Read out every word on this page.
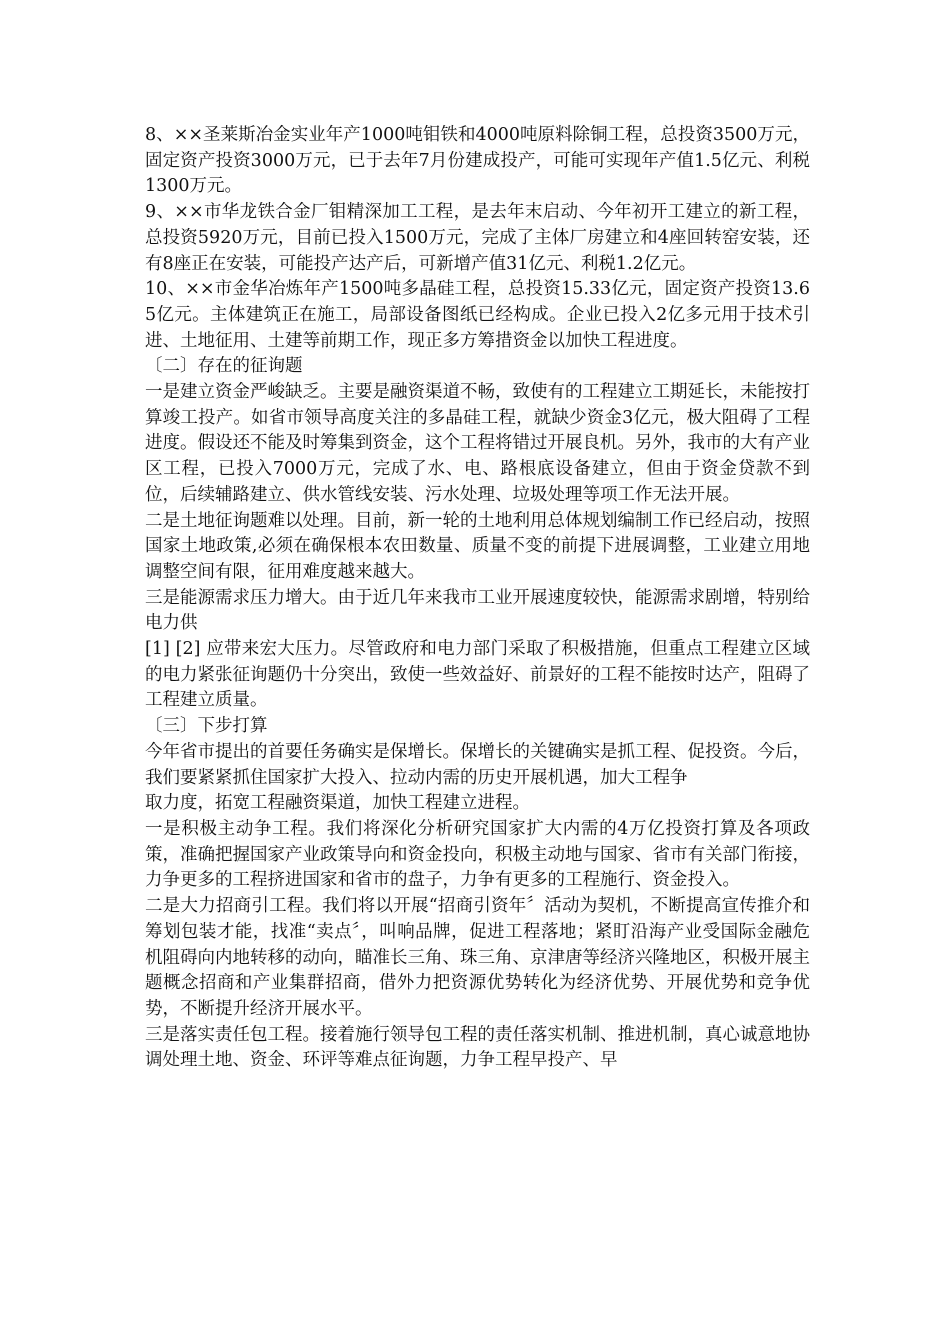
8、××圣莱斯冶金实业年产1000吨钼铁和4000吨原料除铜工程，总投资3500万元，固定资产投资3000万元，已于去年7月份建成投产，可能可实现年产值1.5亿元、利税1300万元。

9、××市华龙铁合金厂钼精深加工工程，是去年末启动、今年初开工建立的新工程，总投资5920万元，目前已投入1500万元，完成了主体厂房建立和4座回转窑安装，还有8座正在安装，可能投产达产后，可新增产值31亿元、利税1.2亿元。

10、××市金华冶炼年产1500吨多晶硅工程，总投资15.33亿元，固定资产投资13.65亿元。主体建筑正在施工，局部设备图纸已经构成。企业已投入2亿多元用于技术引进、土地征用、土建等前期工作，现正多方筹措资金以加快工程进度。

〔二〕存在的征询题

一是建立资金严峻缺乏。主要是融资渠道不畅，致使有的工程建立工期延长，未能按打算竣工投产。如省市领导高度关注的多晶硅工程，就缺少资金3亿元，极大阻碍了工程进度。假设还不能及时筹集到资金，这个工程将错过开展良机。另外，我市的大有产业区工程，已投入7000万元，完成了水、电、路根底设备建立，但由于资金贷款不到位，后续辅路建立、供水管线安装、污水处理、垃圾处理等项工作无法开展。

二是土地征询题难以处理。目前，新一轮的土地利用总体规划编制工作已经启动，按照国家土地政策,必须在确保根本农田数量、质量不变的前提下进展调整，工业建立用地调整空间有限，征用难度越来越大。

三是能源需求压力增大。由于近几年来我市工业开展速度较快，能源需求剧增，特别给电力供

[1] [2] 应带来宏大压力。尽管政府和电力部门采取了积极措施，但重点工程建立区域的电力紧张征询题仍十分突出，致使一些效益好、前景好的工程不能按时达产，阻碍了工程建立质量。

〔三〕下步打算

今年省市提出的首要任务确实是保增长。保增长的关键确实是抓工程、促投资。今后，我们要紧紧抓住国家扩大投入、拉动内需的历史开展机遇，加大工程争

取力度，拓宽工程融资渠道，加快工程建立进程。

一是积极主动争工程。我们将深化分析研究国家扩大内需的4万亿投资打算及各项政策，准确把握国家产业政策导向和资金投向，积极主动地与国家、省市有关部门衔接，力争更多的工程挤进国家和省市的盘子，力争有更多的工程施行、资金投入。

二是大力招商引工程。我们将以开展“招商引资年〞活动为契机，不断提高宣传推介和筹划包装才能，找准“卖点〞，叫响品牌，促进工程落地；紧盯沿海产业受国际金融危机阻碍向内地转移的动向，瞄准长三角、珠三角、京津唐等经济兴隆地区，积极开展主题概念招商和产业集群招商，借外力把资源优势转化为经济优势、开展优势和竞争优势，不断提升经济开展水平。

三是落实责任包工程。接着施行领导包工程的责任落实机制、推进机制，真心诚意地协调处理土地、资金、环评等难点征询题，力争工程早投产、早
